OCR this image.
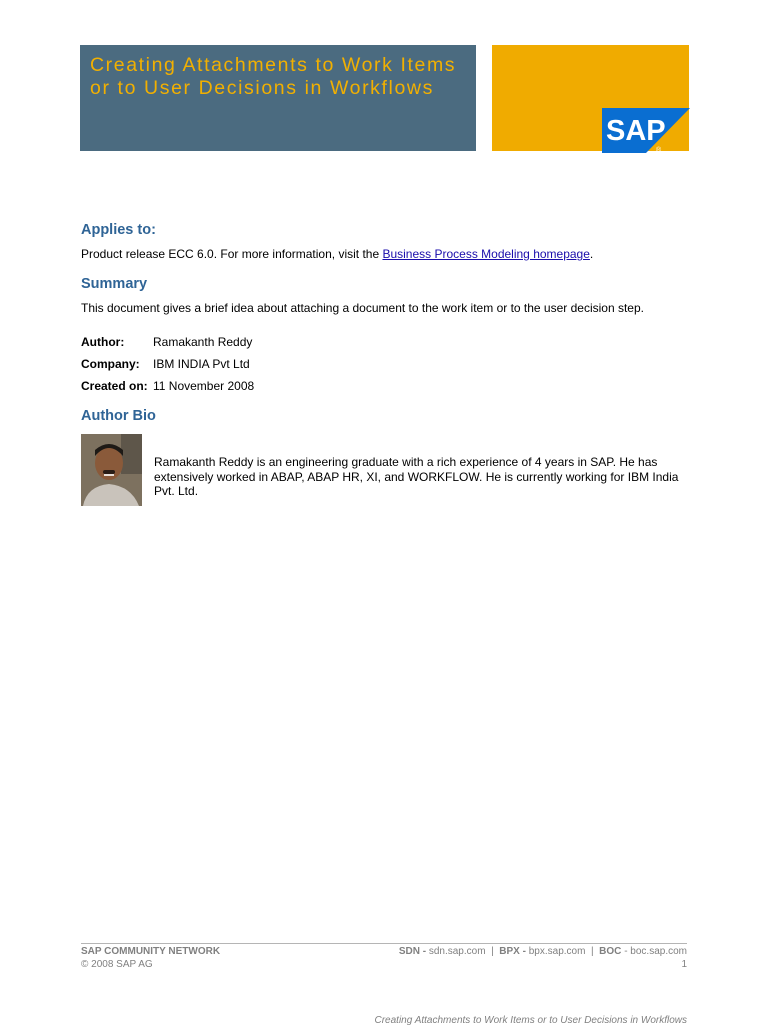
Creating Attachments to Work Items or to User Decisions in Workflows
SAP
®
Applies to:

Product release ECC 6.0. For more information, visit the Business Process Modeling homepage.

Summary

This document gives a brief idea about attaching a document to the work item or to the user decision step.

Author: Ramakanth Reddy
Company: IBM INDIA Pvt Ltd
Created on: 11 November 2008
Author Bio

Ramakanth Reddy is an engineering graduate with a rich experience of 4 years in SAP. He has extensively worked in ABAP, ABAP HR, XI, and WORKFLOW. He is currently working for IBM India Pvt. Ltd.

SAP COMMUNITY NETWORK
© 2008 SAP AG
SDN - sdn.sap.com | BPX - bpx.sap.com | BOC - boc.sap.com
1
Creating Attachments to Work Items or to User Decisions in Workflows
